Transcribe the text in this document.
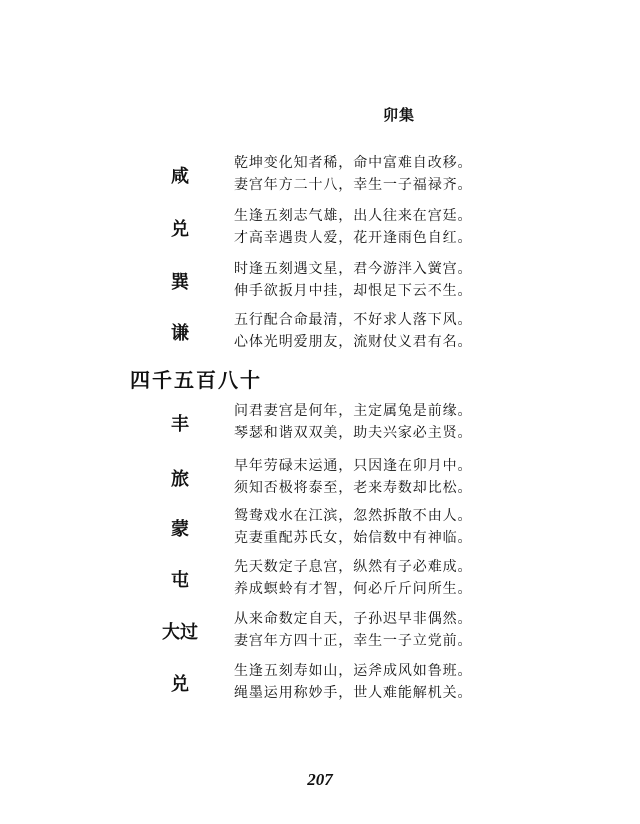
卯集
咸
乾坤变化知者稀，命中富难自改移。
妻宫年方二十八，幸生一子福禄齐。
兑
生逢五刻志气雄，出人往来在宫廷。
才高幸遇贵人爱，花开逢雨色自红。
巽
时逢五刻遇文星，君今游泮入黉宫。
伸手欲扳月中挂，却恨足下云不生。
谦
五行配合命最清，不好求人落下风。
心体光明爱朋友，流财仗义君有名。
四千五百八十
丰
问君妻宫是何年，主定属兔是前缘。
琴瑟和谐双双美，助夫兴家必主贤。
旅
早年劳碌末运通，只因逢在卯月中。
须知否极将泰至，老来寿数却比松。
蒙
鸳鸯戏水在江滨，忽然拆散不由人。
克妻重配苏氏女，始信数中有神临。
屯
先天数定子息宫，纵然有子必难成。
养成螟蛉有才智，何必斤斤问所生。
大过
从来命数定自天，子孙迟早非偶然。
妻宫年方四十正，幸生一子立党前。
兑
生逢五刻寿如山，运斧成风如鲁班。
绳墨运用称妙手，世人难能解机关。
207
